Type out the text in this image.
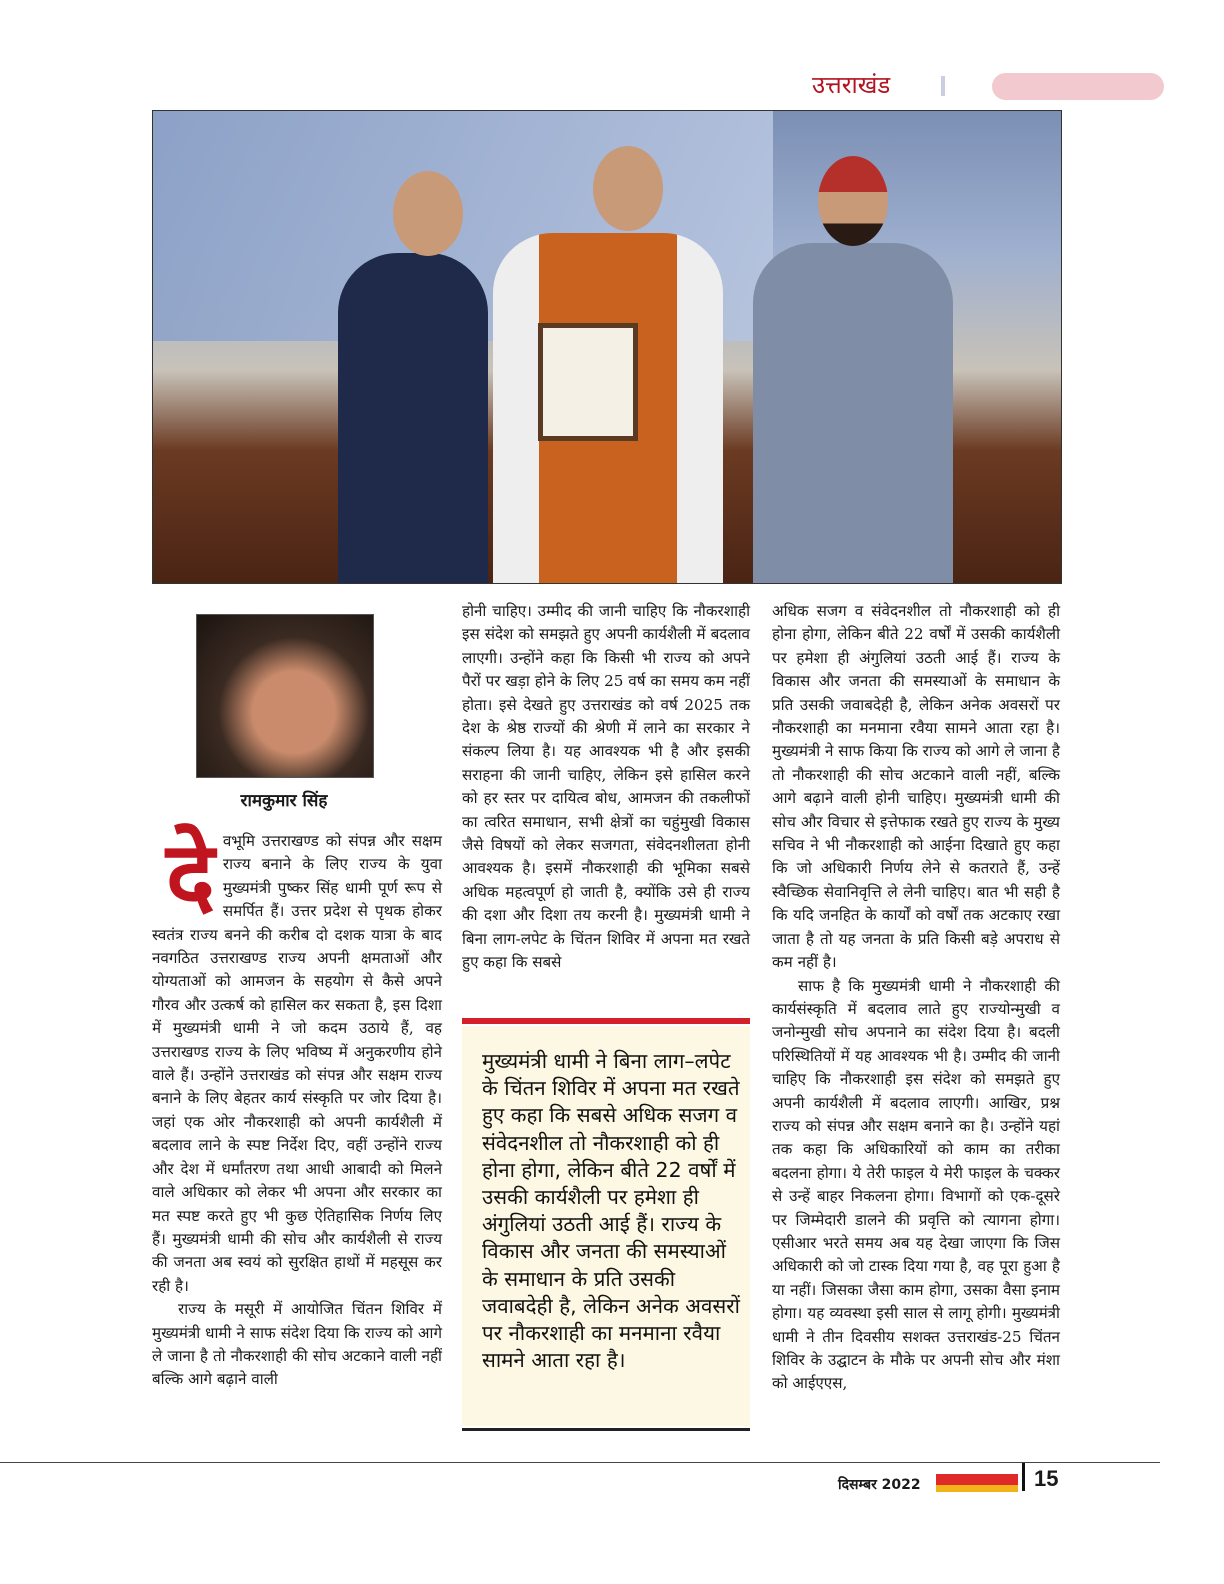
उत्तराखंड
रामकुमार सिंह

देवभूमि उत्तराखण्ड को संपन्न और सक्षम राज्य बनाने के लिए राज्य के युवा मुख्यमंत्री पुष्कर सिंह धामी पूर्ण रूप से समर्पित हैं। उत्तर प्रदेश से पृथक होकर स्वतंत्र राज्य बनने की करीब दो दशक यात्रा के बाद नवगठित उत्तराखण्ड राज्य अपनी क्षमताओं और योग्यताओं को आमजन के सहयोग से कैसे अपने गौरव और उत्कर्ष को हासिल कर सकता है, इस दिशा में मुख्यमंत्री धामी ने जो कदम उठाये हैं, वह उत्तराखण्ड राज्य के लिए भविष्य में अनुकरणीय होने वाले हैं। उन्होंने उत्तराखंड को संपन्न और सक्षम राज्य बनाने के लिए बेहतर कार्य संस्कृति पर जोर दिया है। जहां एक ओर नौकरशाही को अपनी कार्यशैली में बदलाव लाने के स्पष्ट निर्देश दिए, वहीं उन्होंने राज्य और देश में धर्मांतरण तथा आधी आबादी को मिलने वाले अधिकार को लेकर भी अपना और सरकार का मत स्पष्ट करते हुए भी कुछ ऐतिहासिक निर्णय लिए हैं। मुख्यमंत्री धामी की सोच और कार्यशैली से राज्य की जनता अब स्वयं को सुरक्षित हाथों में महसूस कर रही है।

राज्य के मसूरी में आयोजित चिंतन शिविर में मुख्यमंत्री धामी ने साफ संदेश दिया कि राज्य को आगे ले जाना है तो नौकरशाही की सोच अटकाने वाली नहीं बल्कि आगे बढ़ाने वाली

होनी चाहिए। उम्मीद की जानी चाहिए कि नौकरशाही इस संदेश को समझते हुए अपनी कार्यशैली में बदलाव लाएगी। उन्होंने कहा कि किसी भी राज्य को अपने पैरों पर खड़ा होने के लिए 25 वर्ष का समय कम नहीं होता। इसे देखते हुए उत्तराखंड को वर्ष 2025 तक देश के श्रेष्ठ राज्यों की श्रेणी में लाने का सरकार ने संकल्प लिया है। यह आवश्यक भी है और इसकी सराहना की जानी चाहिए, लेकिन इसे हासिल करने को हर स्तर पर दायित्व बोध, आमजन की तकलीफों का त्वरित समाधान, सभी क्षेत्रों का चहुंमुखी विकास जैसे विषयों को लेकर सजगता, संवेदनशीलता होनी आवश्यक है। इसमें नौकरशाही की भूमिका सबसे अधिक महत्वपूर्ण हो जाती है, क्योंकि उसे ही राज्य की दशा और दिशा तय करनी है। मुख्यमंत्री धामी ने बिना लाग-लपेट के चिंतन शिविर में अपना मत रखते हुए कहा कि सबसे

मुख्यमंत्री धामी ने बिना लाग–लपेट के चिंतन शिविर में अपना मत रखते हुए कहा कि सबसे अधिक सजग व संवेदनशील तो नौकरशाही को ही होना होगा, लेकिन बीते 22 वर्षों में उसकी कार्यशैली पर हमेशा ही अंगुलियां उठती आई हैं। राज्य के विकास और जनता की समस्याओं के समाधान के प्रति उसकी जवाबदेही है, लेकिन अनेक अवसरों पर नौकरशाही का मनमाना रवैया सामने आता रहा है।

अधिक सजग व संवेदनशील तो नौकरशाही को ही होना होगा, लेकिन बीते 22 वर्षों में उसकी कार्यशैली पर हमेशा ही अंगुलियां उठती आई हैं। राज्य के विकास और जनता की समस्याओं के समाधान के प्रति उसकी जवाबदेही है, लेकिन अनेक अवसरों पर नौकरशाही का मनमाना रवैया सामने आता रहा है। मुख्यमंत्री ने साफ किया कि राज्य को आगे ले जाना है तो नौकरशाही की सोच अटकाने वाली नहीं, बल्कि आगे बढ़ाने वाली होनी चाहिए। मुख्यमंत्री धामी की सोच और विचार से इत्तेफाक रखते हुए राज्य के मुख्य सचिव ने भी नौकरशाही को आईना दिखाते हुए कहा कि जो अधिकारी निर्णय लेने से कतराते हैं, उन्हें स्वैच्छिक सेवानिवृत्ति ले लेनी चाहिए। बात भी सही है कि यदि जनहित के कार्यों को वर्षों तक अटकाए रखा जाता है तो यह जनता के प्रति किसी बड़े अपराध से कम नहीं है।

साफ है कि मुख्यमंत्री धामी ने नौकरशाही की कार्यसंस्कृति में बदलाव लाते हुए राज्योन्मुखी व जनोन्मुखी सोच अपनाने का संदेश दिया है। बदली परिस्थितियों में यह आवश्यक भी है। उम्मीद की जानी चाहिए कि नौकरशाही इस संदेश को समझते हुए अपनी कार्यशैली में बदलाव लाएगी। आखिर, प्रश्न राज्य को संपन्न और सक्षम बनाने का है। उन्होंने यहां तक कहा कि अधिकारियों को काम का तरीका बदलना होगा। ये तेरी फाइल ये मेरी फाइल के चक्कर से उन्हें बाहर निकलना होगा। विभागों को एक-दूसरे पर जिम्मेदारी डालने की प्रवृत्ति को त्यागना होगा। एसीआर भरते समय अब यह देखा जाएगा कि जिस अधिकारी को जो टास्क दिया गया है, वह पूरा हुआ है या नहीं। जिसका जैसा काम होगा, उसका वैसा इनाम होगा। यह व्यवस्था इसी साल से लागू होगी। मुख्यमंत्री धामी ने तीन दिवसीय सशक्त उत्तराखंड-25 चिंतन शिविर के उद्घाटन के मौके पर अपनी सोच और मंशा को आईएएस,

दिसम्बर 2022	15
